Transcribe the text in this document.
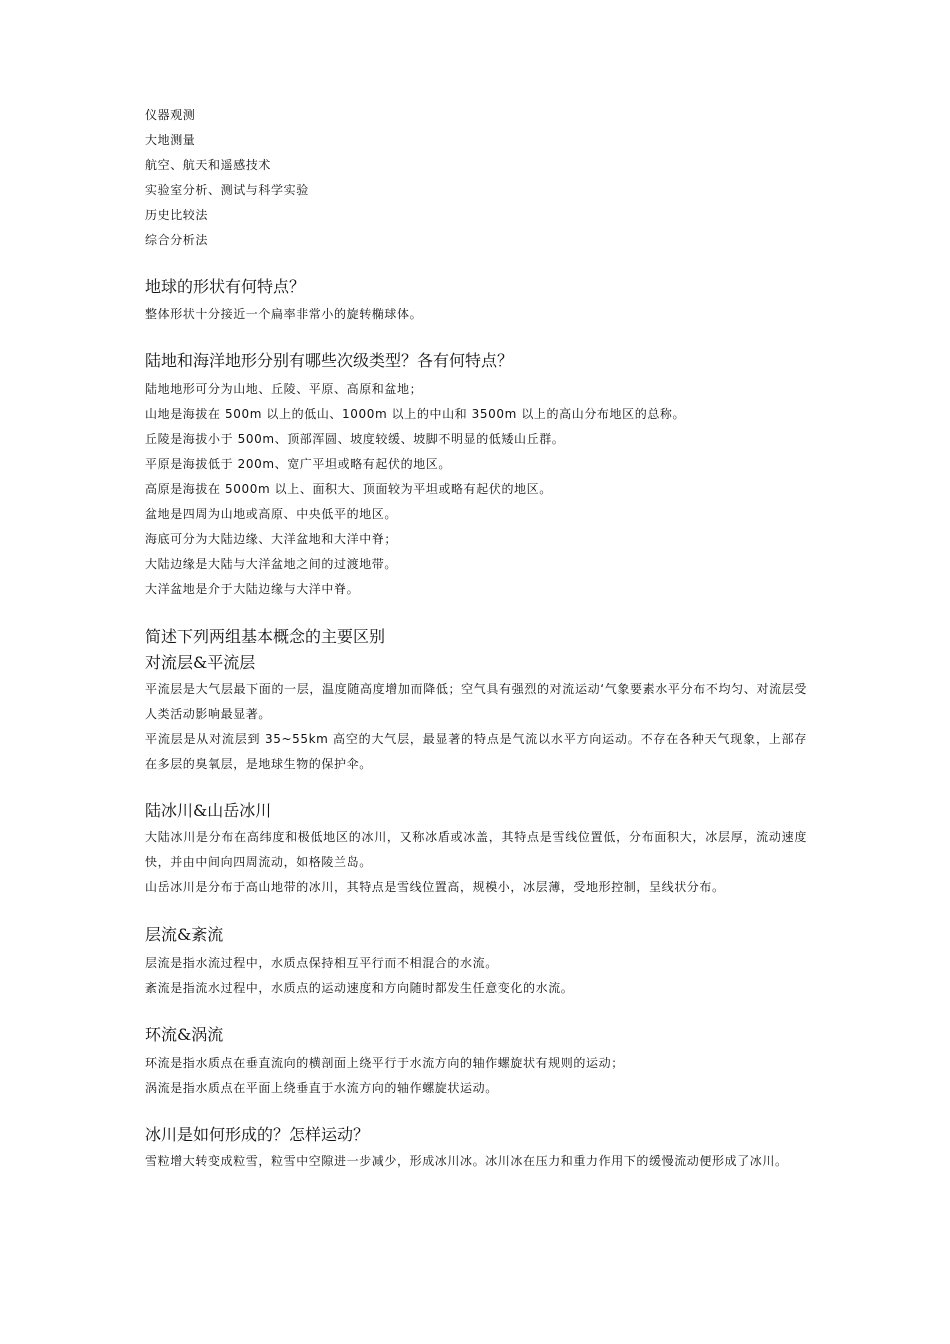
仪器观测
大地测量
航空、航天和遥感技术
实验室分析、测试与科学实验
历史比较法
综合分析法
地球的形状有何特点？
整体形状十分接近一个扁率非常小的旋转椭球体。
陆地和海洋地形分别有哪些次级类型？各有何特点？
陆地地形可分为山地、丘陵、平原、高原和盆地；
山地是海拔在 500m 以上的低山、1000m 以上的中山和 3500m 以上的高山分布地区的总称。
丘陵是海拔小于 500m、顶部浑圆、坡度较缓、坡脚不明显的低矮山丘群。
平原是海拔低于 200m、宽广平坦或略有起伏的地区。
高原是海拔在 5000m 以上、面积大、顶面较为平坦或略有起伏的地区。
盆地是四周为山地或高原、中央低平的地区。
海底可分为大陆边缘、大洋盆地和大洋中脊；
大陆边缘是大陆与大洋盆地之间的过渡地带。
大洋盆地是介于大陆边缘与大洋中脊。
简述下列两组基本概念的主要区别
对流层&平流层
平流层是大气层最下面的一层，温度随高度增加而降低；空气具有强烈的对流运动‘气象要素水平分布不均匀、对流层受人类活动影响最显著。
平流层是从对流层到 35~55km 高空的大气层，最显著的特点是气流以水平方向运动。不存在各种天气现象，上部存在多层的臭氧层，是地球生物的保护伞。
陆冰川&山岳冰川
大陆冰川是分布在高纬度和极低地区的冰川，又称冰盾或冰盖，其特点是雪线位置低，分布面积大，冰层厚，流动速度快，并由中间向四周流动，如格陵兰岛。
山岳冰川是分布于高山地带的冰川，其特点是雪线位置高，规模小，冰层薄，受地形控制，呈线状分布。
层流&紊流
层流是指水流过程中，水质点保持相互平行而不相混合的水流。
紊流是指流水过程中，水质点的运动速度和方向随时都发生任意变化的水流。
环流&涡流
环流是指水质点在垂直流向的横剖面上绕平行于水流方向的轴作螺旋状有规则的运动；
涡流是指水质点在平面上绕垂直于水流方向的轴作螺旋状运动。
冰川是如何形成的？怎样运动？
雪粒增大转变成粒雪，粒雪中空隙进一步减少，形成冰川冰。冰川冰在压力和重力作用下的缓慢流动便形成了冰川。
